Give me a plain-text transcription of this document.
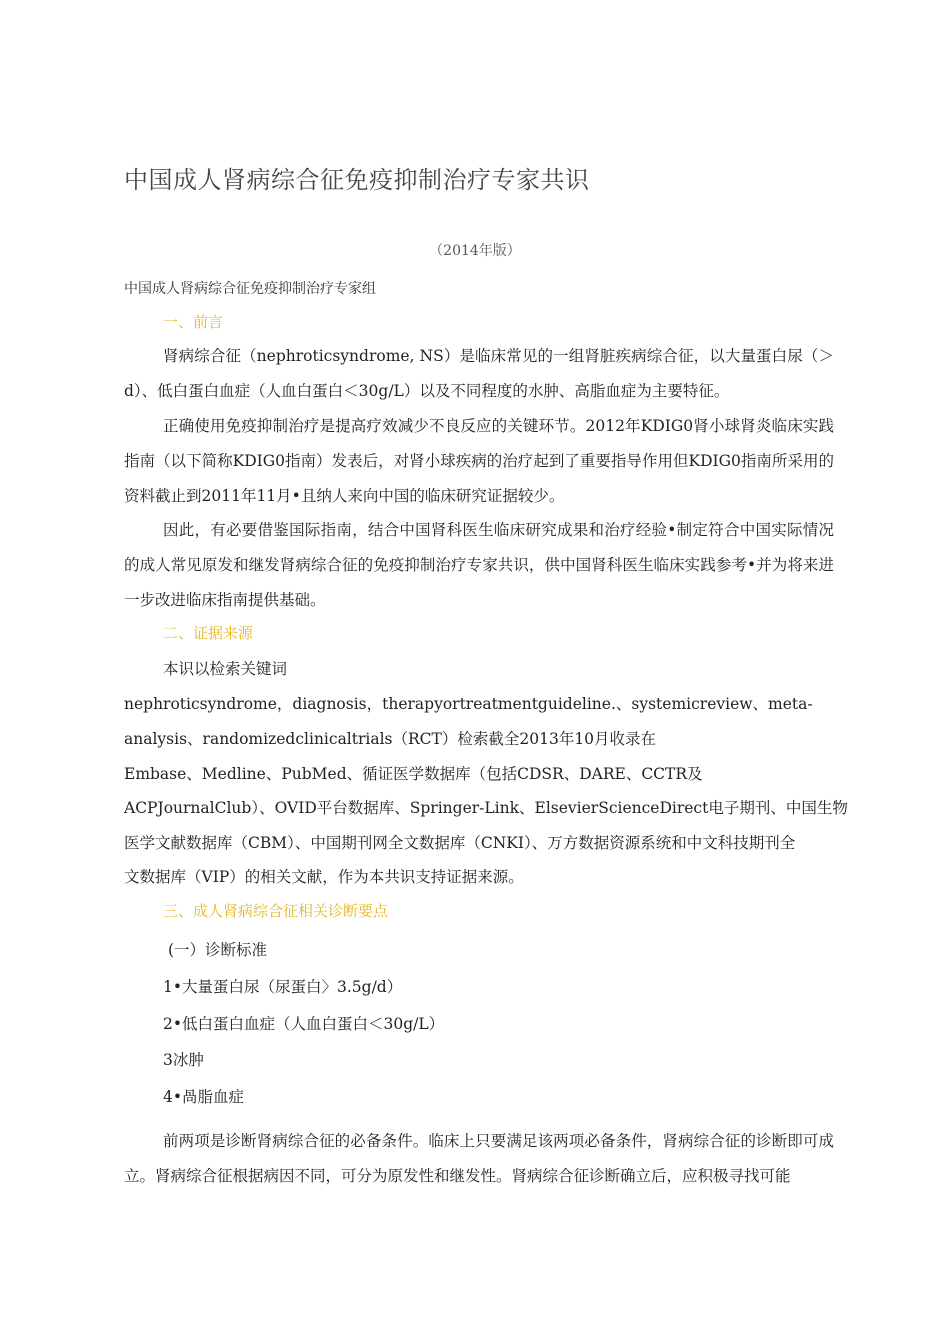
中国成人肾病综合征免疫抑制治疗专家共识
（2014年版）
中国成人肾病综合征免疫抑制治疗专家组
一、前言
肾病综合征（nephroticsyndrome, NS）是临床常见的一组肾脏疾病综合征，以大量蛋白尿（＞d）、低白蛋白血症（人血白蛋白＜30g/L）以及不同程度的水肿、高脂血症为主要特征。
正确使用免疫抑制治疗是提高疗效减少不良反应的关键环节。2012年KDIG0肾小球肾炎临床实践指南（以下简称KDIG0指南）发表后，对肾小球疾病的治疗起到了重要指导作用但KDIG0指南所采用的资料截止到2011年11月•且纳人来向中国的临床研究证据较少。
因此，有必要借鉴国际指南，结合中国肾科医生临床研究成果和治疗经验•制定符合中国实际情况的成人常见原发和继发肾病综合征的免疫抑制治疗专家共识，供中国肾科医生临床实践参考•并为将来进一步改进临床指南提供基础。
二、证据来源
本识以检索关键词
nephroticsyndrome，diagnosis，therapyortreatmentguideline.、systemicreview、meta-
analysis、randomizedclinicaltrials（RCT）检索截全2013年10月收录在
Embase、Medline、PubMed、循证医学数据库（包括CDSR、DARE、CCTR及
ACPJournalClub）、OVID平台数据库、Springer-Link、ElsevierScienceDirect电子期刊、中国生物
医学文献数据库（CBM）、中国期刊网全文数据库（CNKI）、万方数据资源系统和中文科技期刊全
文数据库（VIP）的相关文献，作为本共识支持证据来源。
三、成人肾病综合征相关诊断要点
(一）诊断标准
1•大量蛋白尿（尿蛋白〉3.5g/d）
2•低白蛋白血症（人血白蛋白＜30g/L）
3冰肿
4•咼脂血症
前两项是诊断肾病综合征的必备条件。临床上只要满足该两项必备条件，肾病综合征的诊断即可成立。肾病综合征根据病因不同，可分为原发性和继发性。肾病综合征诊断确立后，应积极寻找可能
